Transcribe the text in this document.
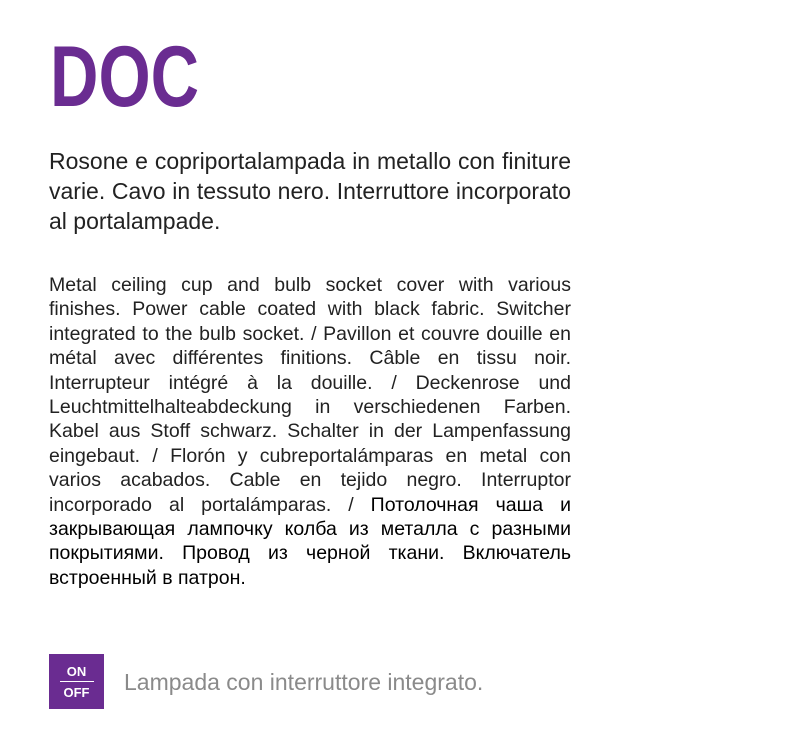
DOC

Rosone e copriportalampada in metallo con finiture varie. Cavo in tessuto nero. Interruttore incorporato al portalampade.

Metal ceiling cup and bulb socket cover with various finishes. Power cable coated with black fabric. Switcher integrated to the bulb socket. / Pavillon et couvre douille en métal avec différentes finitions. Câble en tissu noir. Interrupteur intégré à la douille. / Deckenrose und Leuchtmittelhalteabdeckung in verschiedenen Farben. Kabel aus Stoff schwarz. Schalter in der Lampenfassung eingebaut. / Florón y cubreportalámparas en metal con varios acabados. Cable en tejido negro. Interruptor incorporado al portalámparas. / Потолочная чаша и закрывающая лампочку колба из металла с разными покрытиями. Провод из черной ткани. Включатель встроенный в патрон.

ON
OFF Lampada con interruttore integrato.
